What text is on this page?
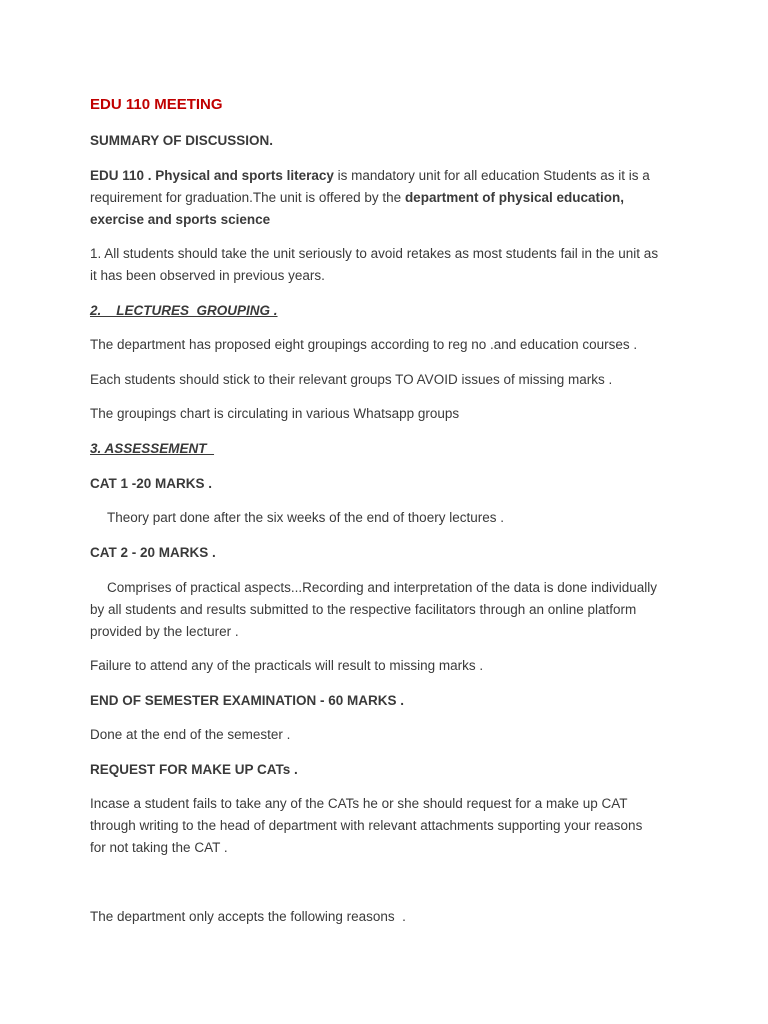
EDU 110 MEETING
SUMMARY OF DISCUSSION.
EDU 110 . Physical and sports literacy is mandatory unit for all education Students as it is a
requirement for graduation.The unit is offered by the department of physical education,
exercise and sports science
1. All students should take the unit seriously to avoid retakes as most students fail in the unit as
it has been observed in previous years.
2.    LECTURES  GROUPING .
The department has proposed eight groupings according to reg no .and education courses .
Each students should stick to their relevant groups TO AVOID issues of missing marks .
The groupings chart is circulating in various Whatsapp groups
3. ASSESSEMENT
CAT 1 -20 MARKS .
Theory part done after the six weeks of the end of thoery lectures .
CAT 2 - 20 MARKS .
Comprises of practical aspects...Recording and interpretation of the data is done individually
by all students and results submitted to the respective facilitators through an online platform
provided by the lecturer .
Failure to attend any of the practicals will result to missing marks .
END OF SEMESTER EXAMINATION - 60 MARKS .
Done at the end of the semester .
REQUEST FOR MAKE UP CATs .
Incase a student fails to take any of the CATs he or she should request for a make up CAT
through writing to the head of department with relevant attachments supporting your reasons
for not taking the CAT .
The department only accepts the following reasons  .
